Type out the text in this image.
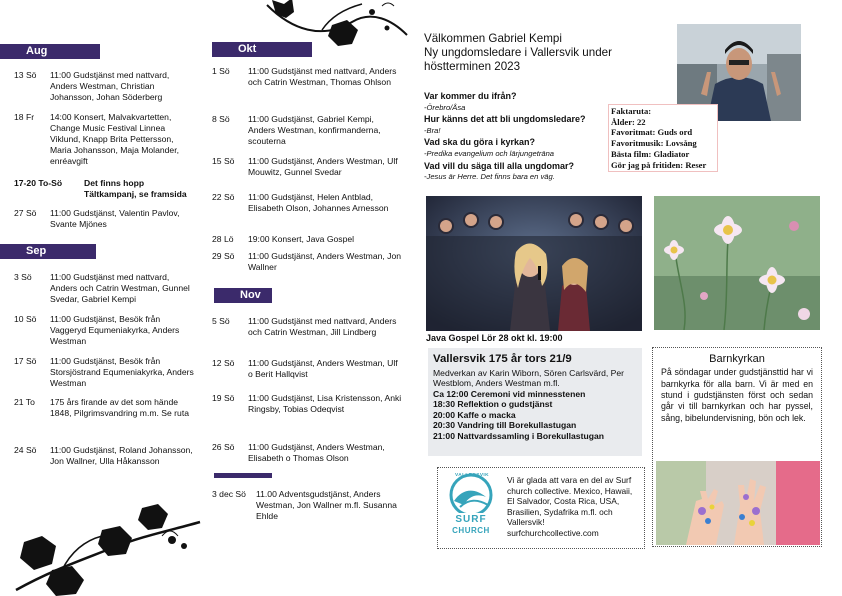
Aug
13 Sö	11:00 Gudstjänst med nattvard, Anders Westman, Christian Johansson, Johan Söderberg
18 Fr	14:00 Konsert, Malvakvartetten, Change Music Festival Linnea Viklund, Knapp Brita Pettersson, Maria Johansson, Maja Molander, enréavgift
17-20 To-Sö	Det finns hopp Tältkampanj, se framsida
27 Sö	11:00 Gudstjänst, Valentin Pavlov, Svante Mjönes
Sep
3 Sö	11:00 Gudstjänst med nattvard, Anders och Catrin Westman, Gunnel Svedar, Gabriel Kempi
10 Sö	11:00 Gudstjänst, Besök från Vaggeryd Equmeniakyrka, Anders Westman
17 Sö	11:00 Gudstjänst, Besök från Storsjöstrand Equmeniakyrka, Anders Westman
21 To	175 års firande av det som hände 1848, Pilgrimsvandring m.m. Se ruta
24 Sö	11:00 Gudstjänst, Roland Johansson, Jon Wallner, Ulla Håkansson
Okt
1 Sö	11:00 Gudstjänst med nattvard, Anders och Catrin Westman, Thomas Ohlson
8 Sö	11:00 Gudstjänst, Gabriel Kempi, Anders Westman, konfirmanderna, scouterna
15 Sö	11:00 Gudstjänst, Anders Westman, Ulf Mouwitz, Gunnel Svedar
22 Sö	11:00 Gudstjänst, Helen Antblad, Elisabeth Olson, Johannes Arnesson
28 Lö	19:00 Konsert, Java Gospel
29 Sö	11:00 Gudstjänst, Anders Westman, Jon Wallner
Nov
5 Sö	11:00 Gudstjänst med nattvard, Anders och Catrin Westman, Jill Lindberg
12 Sö	11:00 Gudstjänst, Anders Westman, Ulf o Berit Hallqvist
19 Sö	11:00 Gudstjänst, Lisa Kristensson, Anki Ringsby, Tobias Odeqvist
26 Sö	11:00 Gudstjänst, Anders Westman, Elisabeth o Thomas Olson
3 dec Sö	11.00 Adventsgudstjänst, Anders Westman, Jon Wallner m.fl. Susanna Ehlde
Välkommen Gabriel Kempi
Ny ungdomsledare i Vallersvik under höstterminen 2023

Var kommer du ifrån?

-Örebro/Åsa

Hur känns det att bli ungdomsledare?

-Bra!

Vad ska du göra i kyrkan?

-Predika evangelium och lärjungeträna

Vad vill du säga till alla ungdomar?

-Jesus är Herre. Det finns bara en väg.

Faktaruta:
Ålder: 22
Favoritmat: Guds ord
Favoritmusik: Lovsång
Bästa film: Gladiator
Gör jag på fritiden: Reser
Java Gospel Lör 28 okt kl. 19:00
Vallersvik 175 år tors 21/9
Medverkan av Karin Wiborn, Sören Carlsvärd, Per Westblom, Anders Westman m.fl.
Ca 12:00 Ceremoni vid minnesstenen
18:30 Reflektion o gudstjänst
20:00 Kaffe o macka
20:30 Vandring till Borekullastugan
21:00 Nattvardssamling i Borekullastugan
Barnkyrkan
På söndagar under gudstjänsttid har vi barnkyrka för alla barn. Vi är med en stund i gudstjänsten först och sedan går vi till barnkyrkan och har pyssel, sång, bibelundervisning, bön och lek.
VALLERSVIK
SURF
CHURCH
Vi är glada att vara en del av Surf church collective. Mexico, Hawaii, El Salvador, Costa Rica, USA, Brasilien, Sydafrika m.fl. och Vallersvik!
surfchurchcollective.com
